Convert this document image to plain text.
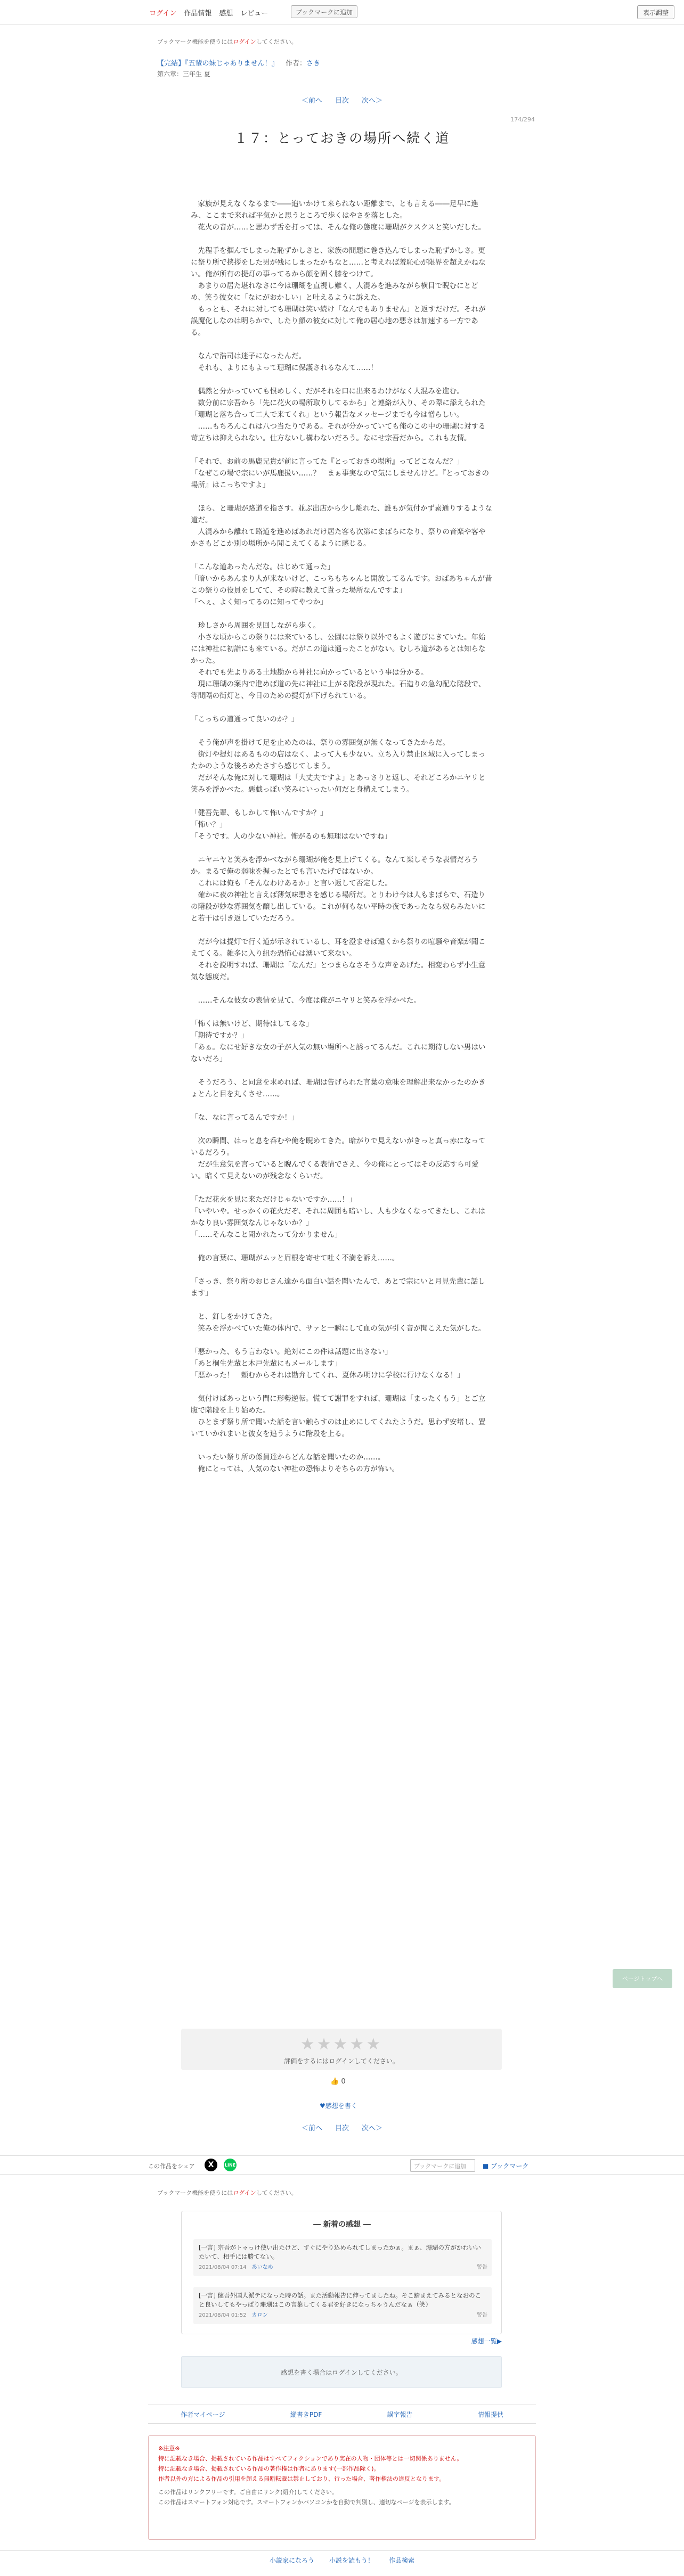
ログイン 作品情報 感想 レビュー	ブックマークに追加	表示調整
ブックマーク機能を使うにはログインしてください。
【完結】『五輩の妹じゃありません！』 作者：さき
第六章：三年生 夏
＜前へ 目次 次へ＞
174/294
１７：とっておきの場所へ続く道

　家族が見えなくなるまで――追いかけて来られない距離まで、とも言える――足早に進み、ここまで来れば平気かと思うところで歩くはやさを落とした。

　花火の音が……と思わず舌を打っては、そんな俺の態度に珊瑚がクスクスと笑いだした。

　先程手を掴んでしまった恥ずかしさと、家族の間題に巻き込んでしまった恥ずかしさ。更に祭り所で挟拶をした男が残にしまったかもなと……と考えれば羞恥心が限界を超えかねない。俺が所有の提灯の事ってるから顔を固く膝をつけて。

　あまりの居た堪れなさに今は珊瑚を直視し難く、人混みを進みながら横目で睨むにとどめ、笑う彼女に「なにがおかしい」と吐えるように訴えた。

　もっとも、それに対しても珊瑚は笑い続け「なんでもありません」と返すだけだ。それが誤魔化しなのは明らかで、したり顔の彼女に対して俺の居心地の悪さは加速する一方である。

　なんで浩司は迷子になったんだ。

　それも、よりにもよって珊瑚に保護されるなんて……！

　偶然と分かっていても恨めしく、だがそれを口に出来るわけがなく人混みを進む。

　数分前に宗吾から「先に花火の場所取りしてるから」と連絡が入り、その際に添えられた「珊瑚と落ち合って二人で来てくれ」という報告なメッセージまでも今は憎らしい。

　……もちろんこれは八つ当たりである。それが分かっていても俺のこの中の珊瑚に対する苛立ちは抑えられない。仕方ないし構わないだろう。なにせ宗吾だから。これも友情。

「それで、お前の馬鹿兄貴が前に言ってた『とっておきの場所』ってどこなんだ？」

「なぜこの場で宗にいが馬鹿扱い……？　まぁ事実なので気にしませんけど。『とっておきの場所』はこっちですよ」

　ほら、と珊瑚が路道を指さす。並ぶ出店から少し離れた、誰もが気付かず素通りするような道だ。

　人混みから離れて路道を進めばあれだけ居た客も次第にまばらになり、祭りの音楽や客やかさもどこか別の場所から聞こえてくるように感じる。

「こんな道あったんだな。はじめて通った」

「暗いからあんまり人が来ないけど、こっちもちゃんと開放してるんです。おばあちゃんが昔この祭りの役員をしてて、その時に教えて貰った場所なんですよ」

「へぇ、よく知ってるのに知ってやつか」

　珍しさから周囲を見回しながら歩く。

　小さな頃からこの祭りには来ているし、公園には祭り以外でもよく遊びにきていた。年始には神社に初詣にも来ている。だがこの道は通ったことがない。むしろ道があるとは知らなかった。

　それでも先よりある土地勘から神社に向かっているという事は分かる。

　現に珊瑚の案内で進めば道の先に神社に上がる階段が現れた。石造りの急勾配な階段で、等間隔の街灯と、今日のための提灯が下げられている。

「こっちの道通って良いのか？」

　そう俺が声を掛けて足を止めたのは、祭りの雰囲気が無くなってきたからだ。

　街灯や提灯はあるものの店はなく、よって人も少ない。立ち入り禁止区域に入ってしまったかのような後ろめたさすら感じてしまう。

　だがそんな俺に対して珊瑚は「大丈夫ですよ」とあっさりと返し、それどころかニヤリと笑みを浮かべた。悪戯っぽい笑みにいったい何だと身構えてしまう。

「健吾先輩、もしかして怖いんですか？」

「怖い？」

「そうです。人の少ない神社。怖がるのも無理はないですね」

　ニヤニヤと笑みを浮かべながら珊瑚が俺を見上げてくる。なんて楽しそうな表情だろうか。まるで俺の弱味を握ったとでも言いたげではないか。

　これには俺も「そんなわけあるか」と言い返して否定した。

　確かに夜の神社と言えば薄気味悪さを感じる場所だ。とりわけ今は人もまばらで、石造りの階段が妙な雰囲気を醸し出している。これが何もない平時の夜であったなら奴らみたいにと若干は引き返していただろう。

　だが今は提灯で行く道が示されているし、耳を澄ませば遠くから祭りの喧騒や音楽が聞こえてくる。雑多に入り組む恐怖心は湧いて来ない。

　それを説明すれば、珊瑚は「なんだ」とつまらなさそうな声をあげた。相変わらず小生意気な態度だ。

　……そんな彼女の表情を見て、今度は俺がニヤリと笑みを浮かべた。

「怖くは無いけど、期待はしてるな」

「期待ですか？」

「あぁ。なにせ好きな女の子が人気の無い場所へと誘ってるんだ。これに期待しない男はいないだろ」

　そうだろう、と同意を求めれば、珊瑚は告げられた言葉の意味を理解出来なかったのかきょとんと目を丸くさせ……。

「な、なに言ってるんですか！」

　次の瞬間、はっと息を呑むや俺を睨めてきた。暗がりで見えないがきっと真っ赤になっているだろう。

　だが生意気を言っていると睨んでくる表情でさえ、今の俺にとってはその反応すら可愛い。暗くて見えないのが残念なくらいだ。

「ただ花火を見に来ただけじゃないですか……！」

「いやいや。せっかくの花火だぞ、それに周囲も暗いし、人も少なくなってきたし、これはかなり良い雰囲気なんじゃないか？」

「……そんなこと聞かれたって分かりません」

　俺の言葉に、珊瑚がムッと眉根を寄せて吐く不満を訴え……。

「さっき、祭り所のおじさん達から面白い話を聞いたんで、あとで宗にいと月見先輩に話します」

　と、釘しをかけてきた。

　笑みを浮かべていた俺の体内で、サァと一瞬にして血の気が引く音が聞こえた気がした。

「悪かった、もう言わない。絶対にこの件は話題に出さない」

「あと桐生先輩と木戸先輩にもメールします」

「悪かった！　頼むからそれは勘弁してくれ、夏休み明けに学校に行けなくなる！」

　気付けばあっという間に形勢逆転。慌てて謝罪をすれば、珊瑚は「まったくもう」とご立腹で階段を上り始めた。

　ひとまず祭り所で聞いた話を言い触らすのは止めにしてくれたようだ。思わず安堵し、置いていかれまいと彼女を追うように階段を上る。

　いったい祭り所の係員達からどんな話を聞いたのか……。

　俺にとっては、人気のない神社の恐怖よりそちらの方が怖い。

ページトップへ
★★★★★
評価をするにはログインしてください。
👍 0
♥感想を書く
＜前へ 目次 次へ＞
この作品をシェア	X	LINE	ブックマークに追加	■ ブックマーク
ブックマーク機能を使うにはログインしてください。
― 新着の感想 ―
[一言] 宗吾がトゥっけ使い出たけど、すぐにやり込められてしまったかぁ。まぁ、珊瑚の方がかわいいたいて、相手には勝てない。
2021/08/04 07:14 あいなめ	警告
[一言] 健吾外国人派テになった時の話。また活動報告に伸ってましたね。そこ踏まえてみるとなおのこと良いしてもやっぱり珊瑚はこの言葉してくる君を好きになっちゃうんだなぁ（笑）
2021/08/04 01:52 カロン	警告
感想一覧▶
感想を書く場合はログインしてください。
作者マイページ	縦書きPDF	誤字報告	情報提供
※注意※
特に記載なき場合、掲載されている作品はすべてフィクションであり実在の人物・団体等とは一切関係ありません。
特に記載なき場合、掲載されている作品の著作権は作者にあります(一部作品除く)。
作者以外の方による作品の引用を超える無断転載は禁止しており、行った場合、著作権法の違反となります。
この作品はリンクフリーです。ご自由にリンク(紹介)してください。
この作品はスマートフォン対応です。スマートフォンかパソコンかを自動で判別し、適切なページを表示します。
小説家になろう 小説を読もう！ 作品検索
